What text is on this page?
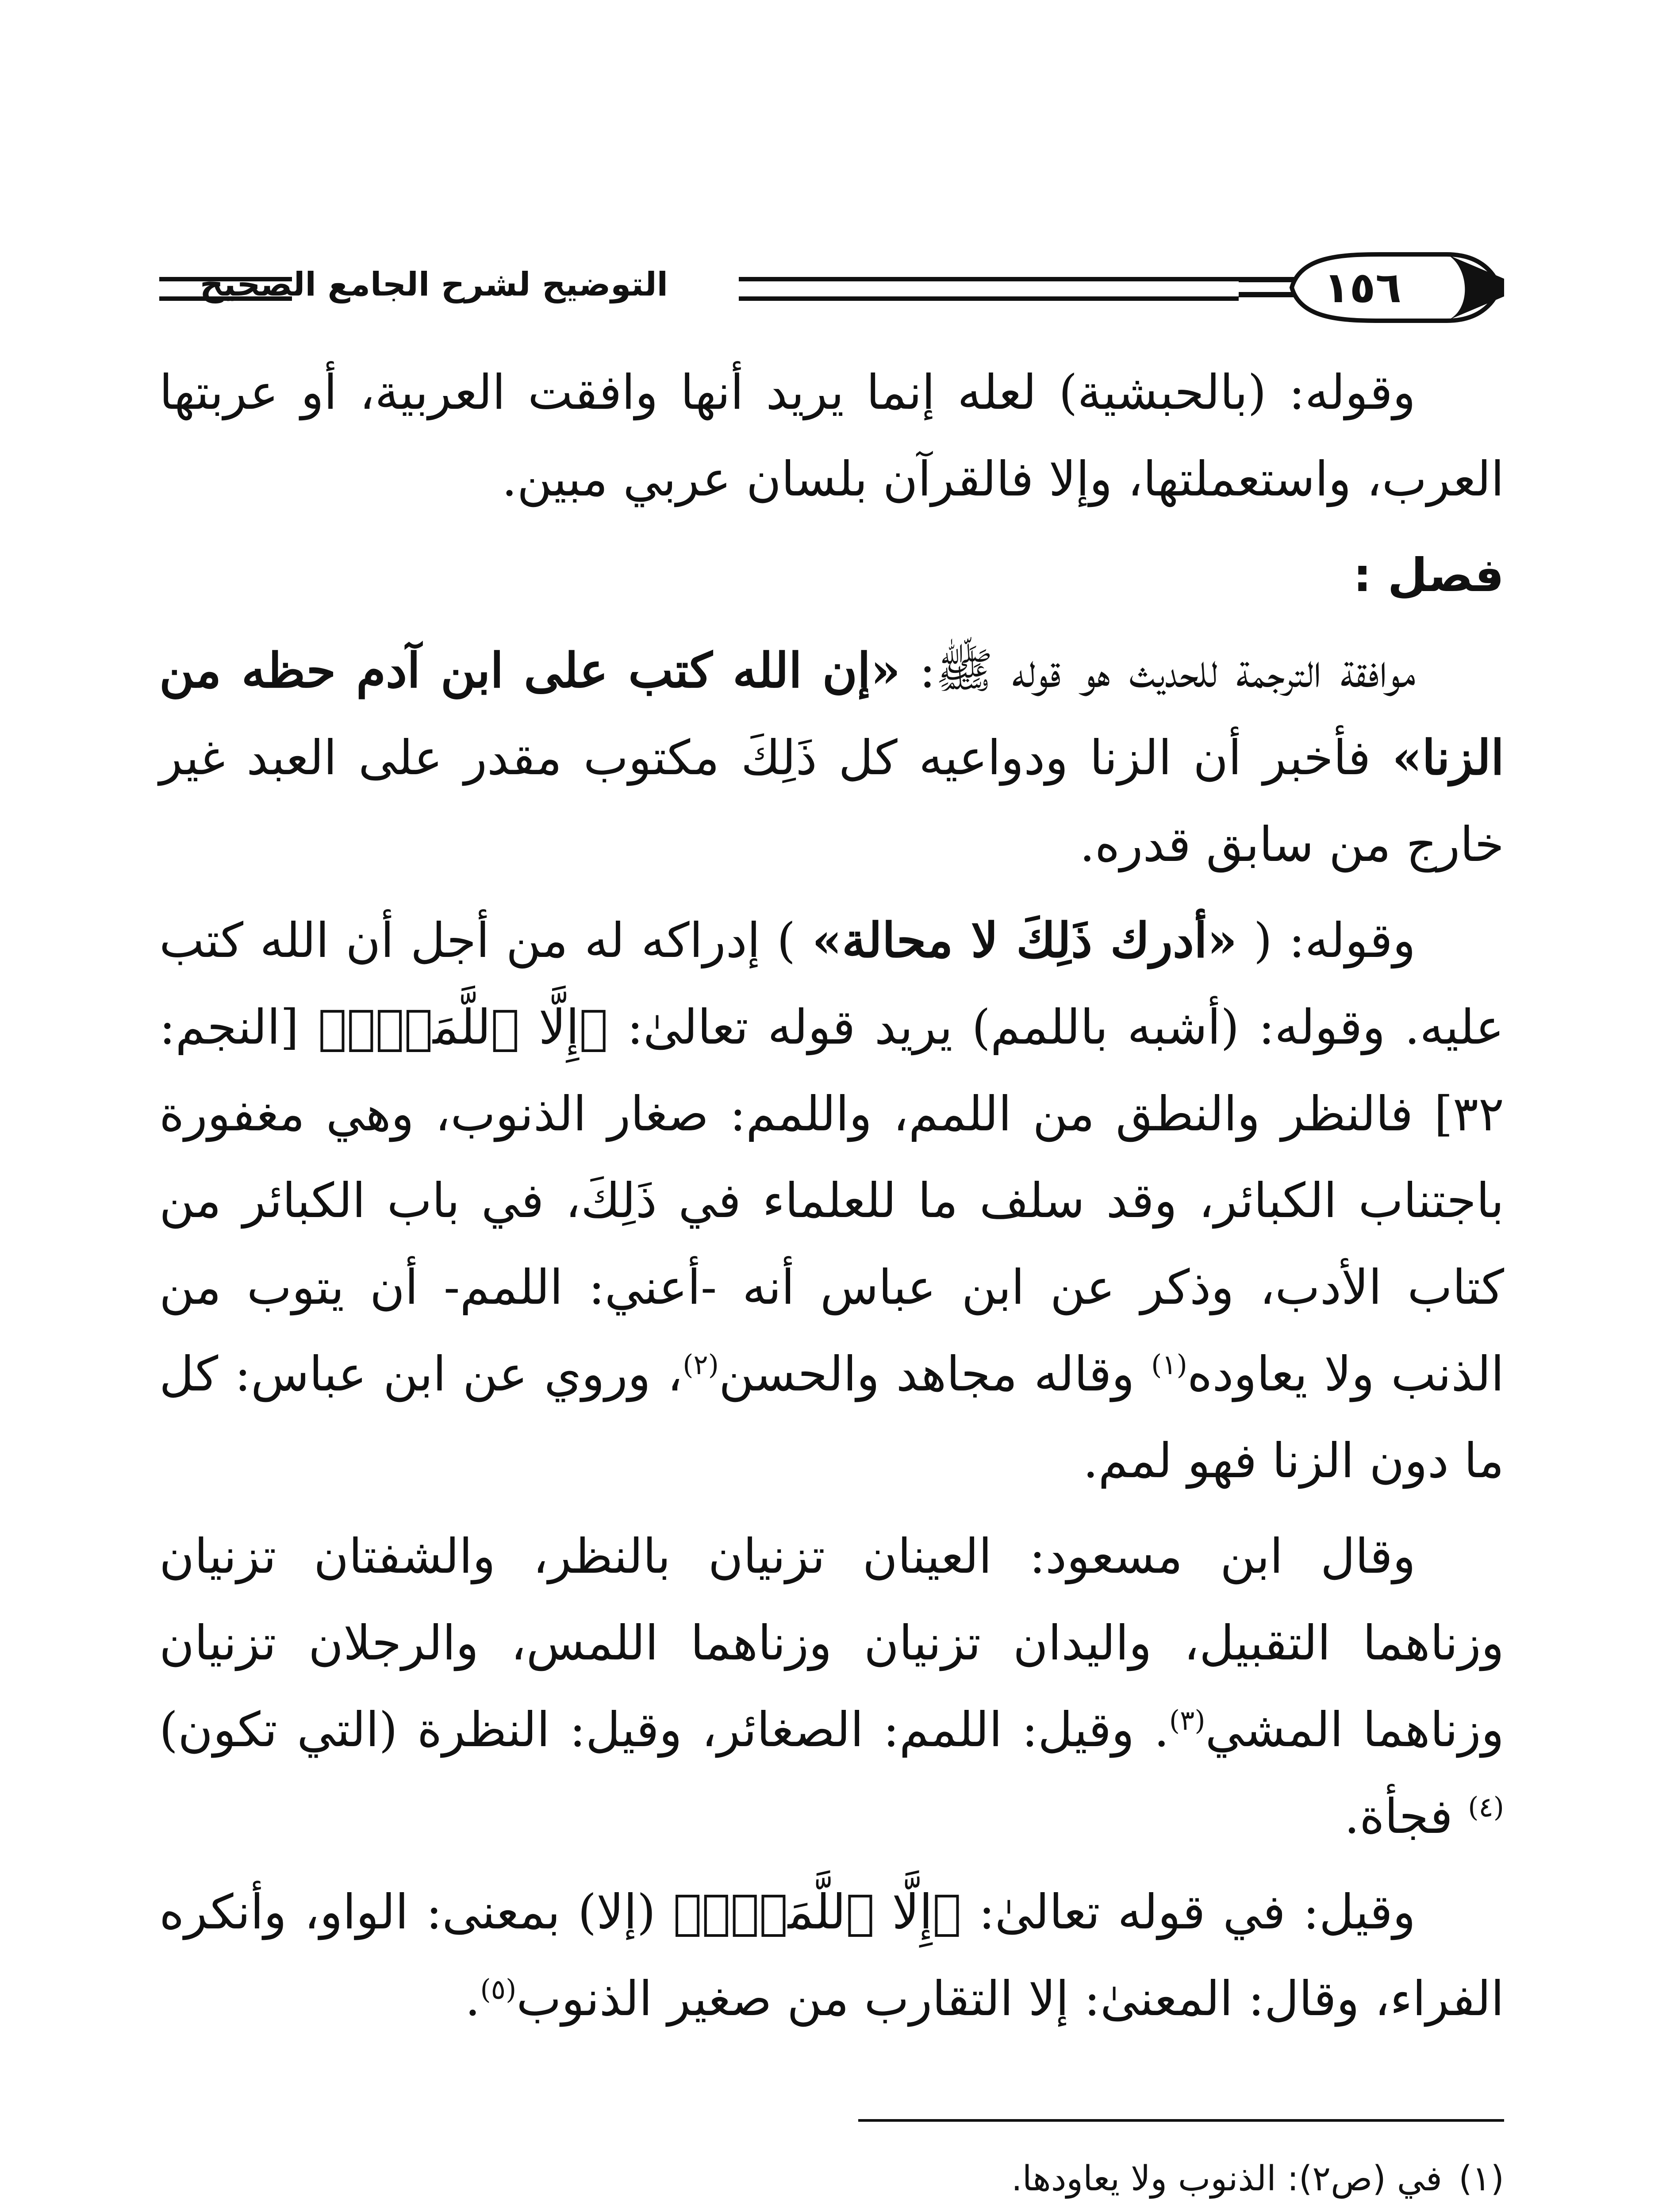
١٥٦
التوضيح لشرح الجامع الصحيح

وقوله: (بالحبشية) لعله إنما يريد أنها وافقت العربية، أو عربتها العرب، واستعملتها، وإلا فالقرآن بلسان عربي مبين.

فصل :

موافقة الترجمة للحديث هو قوله ﷺ: «إن الله كتب على ابن آدم حظه من الزنا» فأخبر أن الزنا ودواعيه كل ذَلِكَ مكتوب مقدر على العبد غير خارج من سابق قدره.

وقوله: ( «أدرك ذَلِكَ لا محالة» ) إدراكه له من أجل أن الله كتب عليه. وقوله: (أشبه باللمم) يريد قوله تعالىٰ: ﴿إِلَّا ٱللَّمَمَۚ﴾ [النجم: ٣٢] فالنظر والنطق من اللمم، واللمم: صغار الذنوب، وهي مغفورة باجتناب الكبائر، وقد سلف ما للعلماء في ذَلِكَ، في باب الكبائر من كتاب الأدب، وذكر عن ابن عباس أنه -أعني: اللمم- أن يتوب من الذنب ولا يعاوده$^{(١)}$ وقاله مجاهد والحسن$^{(٢)}$، وروي عن ابن عباس: كل ما دون الزنا فهو لمم.

وقال ابن مسعود: العينان تزنيان بالنظر، والشفتان تزنيان وزناهما التقبيل، واليدان تزنيان وزناهما اللمس، والرجلان تزنيان وزناهما المشي$^{(٣)}$. وقيل: اللمم: الصغائر، وقيل: النظرة (التي تكون)$^{(٤)}$ فجأة.

وقيل: في قوله تعالىٰ: ﴿إِلَّا ٱللَّمَمَۚ﴾ (إلا) بمعنى: الواو، وأنكره الفراء، وقال: المعنىٰ: إلا التقارب من صغير الذنوب$^{(٥)}$.

(١)في (ص٢): الذنوب ولا يعاودها.
